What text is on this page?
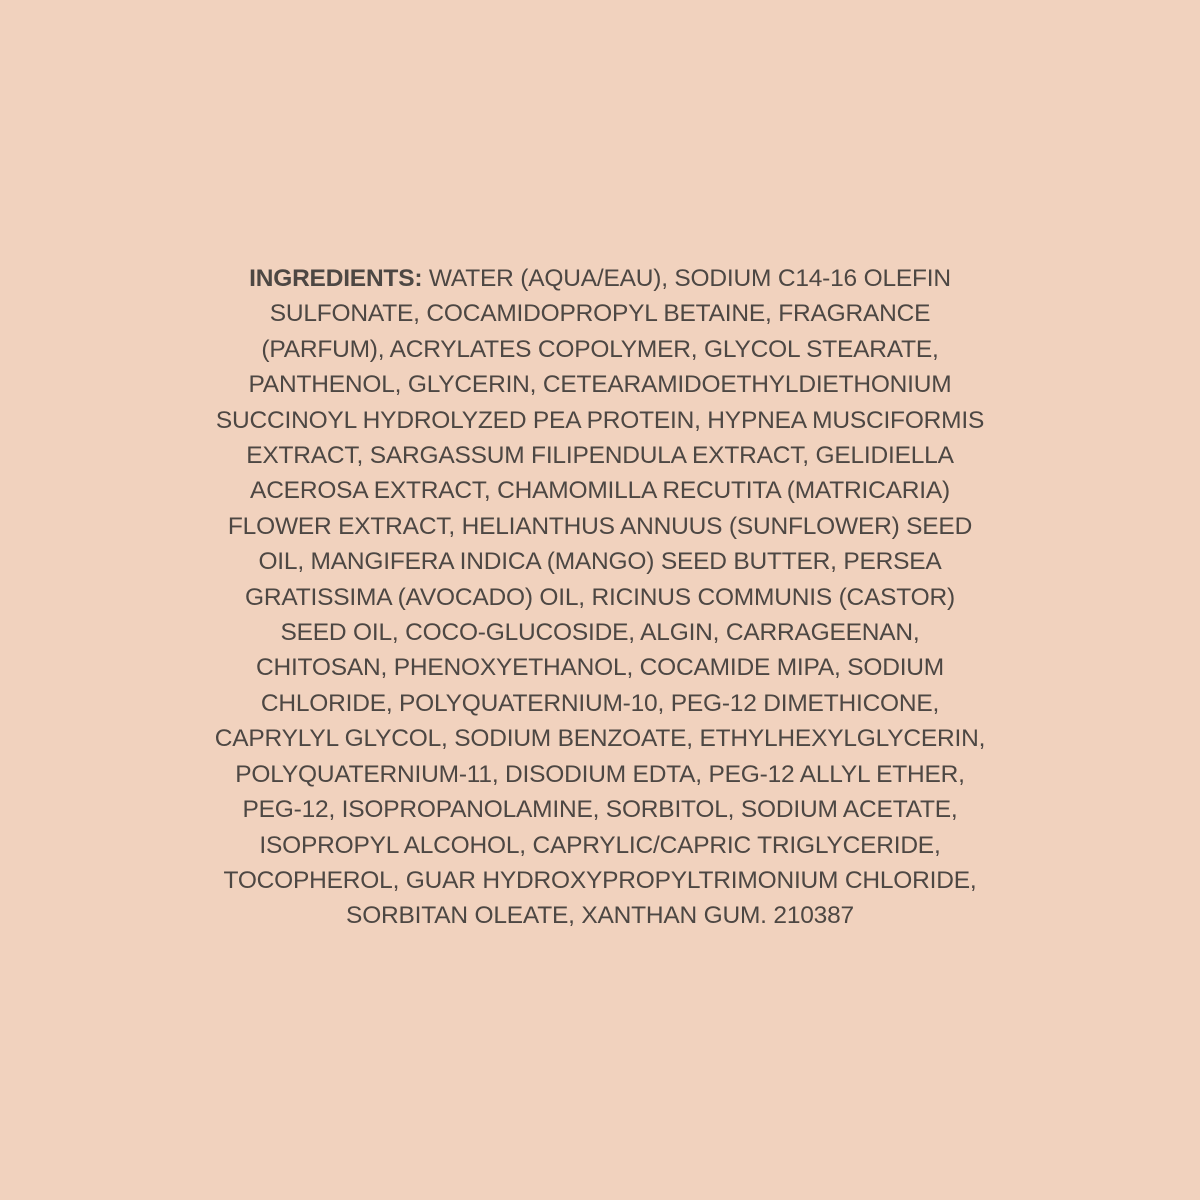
INGREDIENTS: WATER (AQUA/EAU), SODIUM C14-16 OLEFIN
SULFONATE, COCAMIDOPROPYL BETAINE, FRAGRANCE
(PARFUM), ACRYLATES COPOLYMER, GLYCOL STEARATE,
PANTHENOL, GLYCERIN, CETEARAMIDOETHYLDIETHONIUM
SUCCINOYL HYDROLYZED PEA PROTEIN, HYPNEA MUSCIFORMIS
EXTRACT, SARGASSUM FILIPENDULA EXTRACT, GELIDIELLA
ACEROSA EXTRACT, CHAMOMILLA RECUTITA (MATRICARIA)
FLOWER EXTRACT, HELIANTHUS ANNUUS (SUNFLOWER) SEED
OIL, MANGIFERA INDICA (MANGO) SEED BUTTER, PERSEA
GRATISSIMA (AVOCADO) OIL, RICINUS COMMUNIS (CASTOR)
SEED OIL, COCO-GLUCOSIDE, ALGIN, CARRAGEENAN,
CHITOSAN, PHENOXYETHANOL, COCAMIDE MIPA, SODIUM
CHLORIDE, POLYQUATERNIUM-10, PEG-12 DIMETHICONE,
CAPRYLYL GLYCOL, SODIUM BENZOATE, ETHYLHEXYLGLYCERIN,
POLYQUATERNIUM-11, DISODIUM EDTA, PEG-12 ALLYL ETHER,
PEG-12, ISOPROPANOLAMINE, SORBITOL, SODIUM ACETATE,
ISOPROPYL ALCOHOL, CAPRYLIC/CAPRIC TRIGLYCERIDE,
TOCOPHEROL, GUAR HYDROXYPROPYLTRIMONIUM CHLORIDE,
SORBITAN OLEATE, XANTHAN GUM. 210387
